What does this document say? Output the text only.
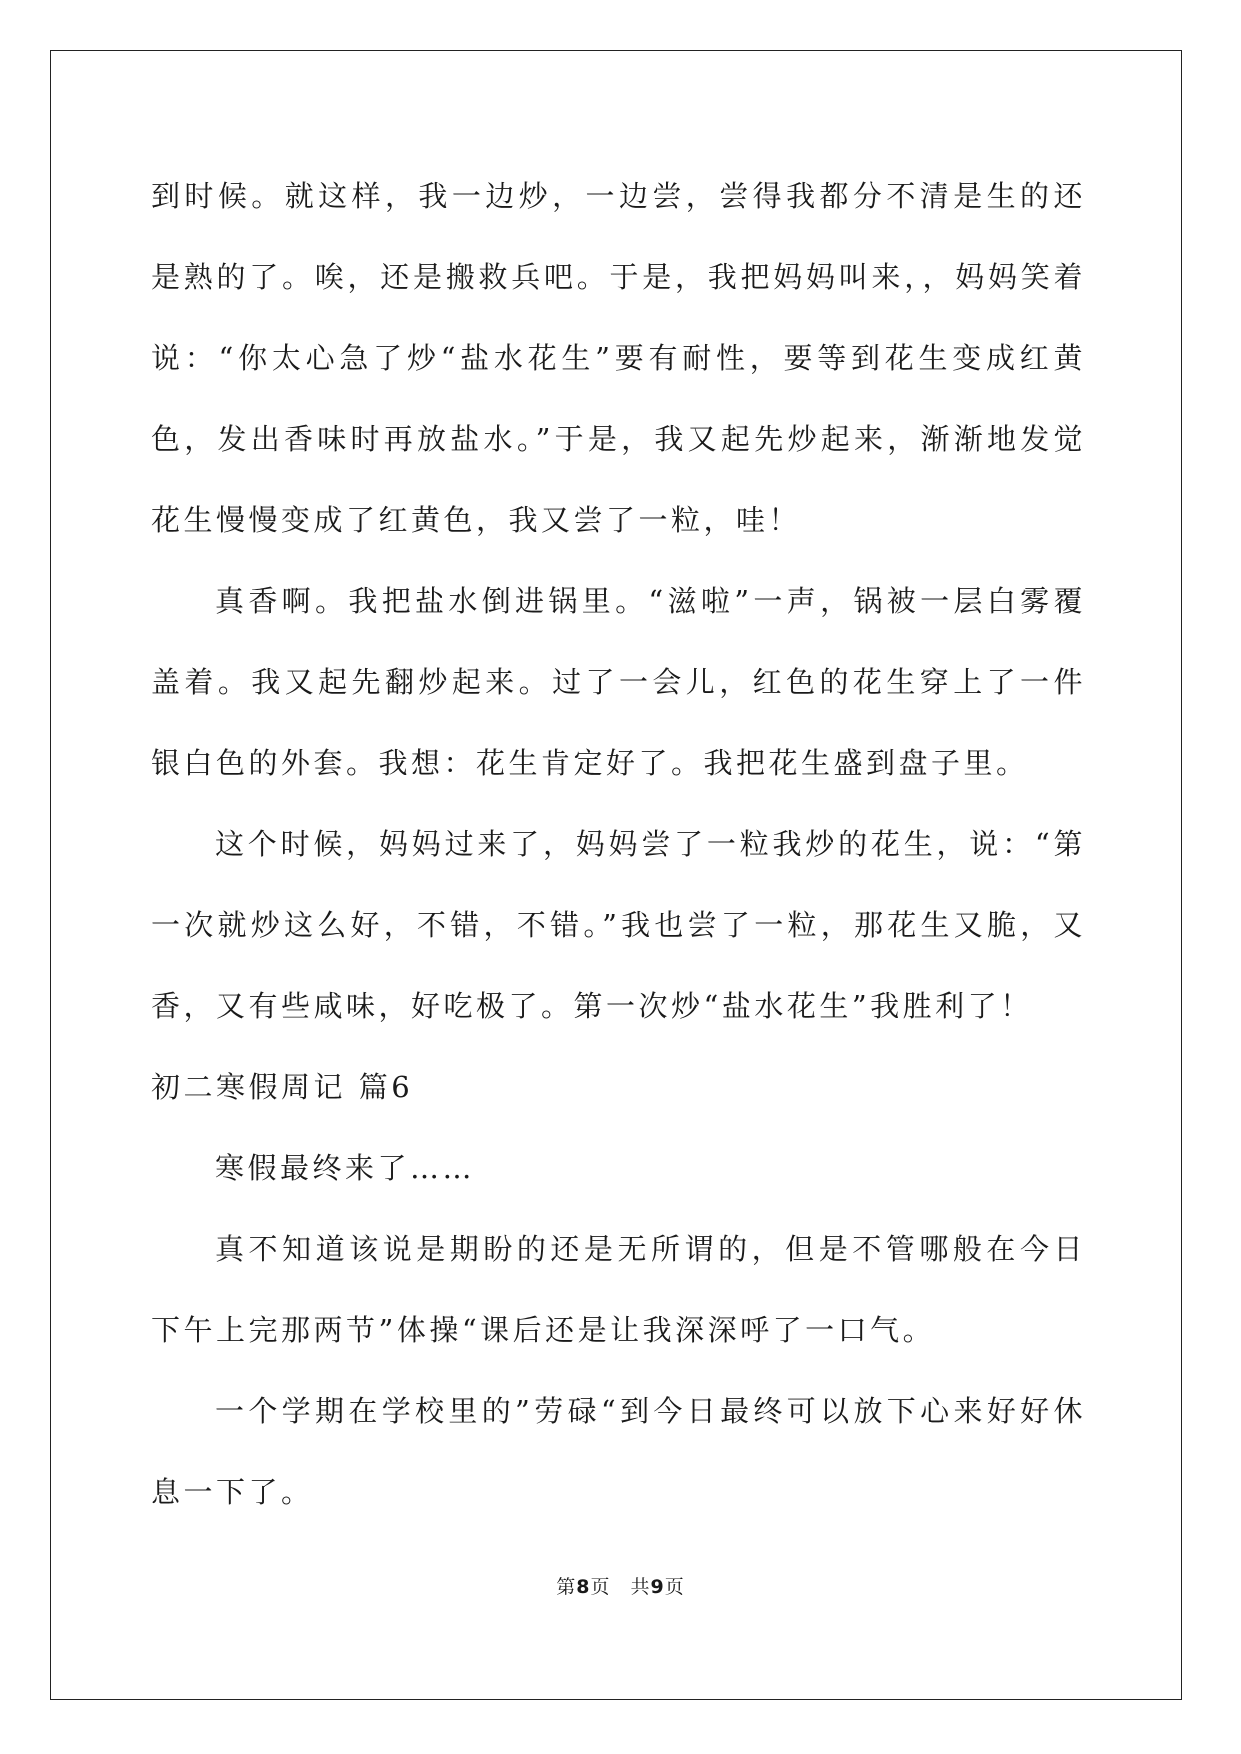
到时候。就这样，我一边炒，一边尝，尝得我都分不清是生的还是熟的了。唉，还是搬救兵吧。于是，我把妈妈叫来，，妈妈笑着说：“你太心急了炒“盐水花生”要有耐性，要等到花生变成红黄色，发出香味时再放盐水。”于是，我又起先炒起来，渐渐地发觉花生慢慢变成了红黄色，我又尝了一粒，哇！

真香啊。我把盐水倒进锅里。“滋啦”一声，锅被一层白雾覆盖着。我又起先翻炒起来。过了一会儿，红色的花生穿上了一件银白色的外套。我想：花生肯定好了。我把花生盛到盘子里。

这个时候，妈妈过来了，妈妈尝了一粒我炒的花生，说：“第一次就炒这么好，不错，不错。”我也尝了一粒，那花生又脆，又香，又有些咸味，好吃极了。第一次炒“盐水花生”我胜利了！

初二寒假周记 篇6

寒假最终来了……

真不知道该说是期盼的还是无所谓的，但是不管哪般在今日下午上完那两节”体操“课后还是让我深深呼了一口气。

一个学期在学校里的”劳碌“到今日最终可以放下心来好好休息一下了。

第8页 共9页
